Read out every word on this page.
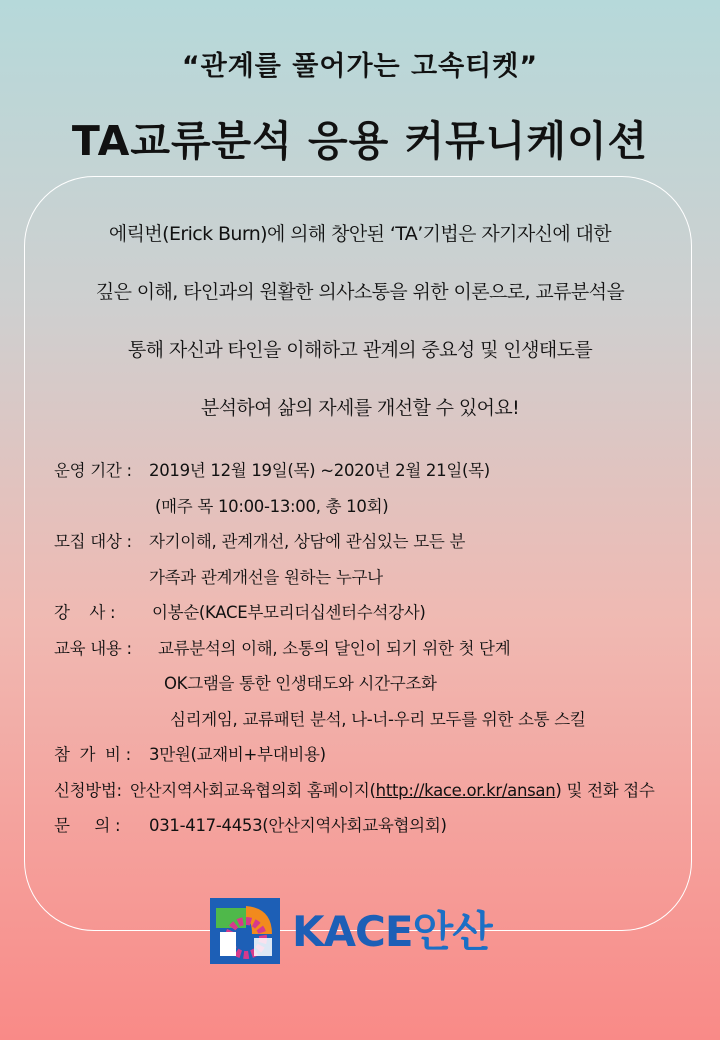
“관계를 풀어가는 고속티켓”
TA교류분석 응용 커뮤니케이션

에릭번(Erick Burn)에 의해 창안된 ‘TA’기법은 자기자신에 대한

깊은 이해, 타인과의 원활한 의사소통을 위한 이론으로, 교류분석을

통해 자신과 타인을 이해하고 관계의 중요성 및 인생태도를

분석하여 삶의 자세를 개선할 수 있어요!

운영 기간 : 2019년 12월 19일(목) ~2020년 2월 21일(목)
(매주 목 10:00-13:00, 총 10회)
모집 대상 : 자기이해, 관계개선, 상담에 관심있는 모든 분
가족과 관계개선을 원하는 누구나
강    사 : 이봉순(KACE부모리더십센터수석강사)
교육 내용 : 교류분석의 이해, 소통의 달인이 되기 위한 첫 단계
OK그램을 통한 인생태도와 시간구조화
심리게임, 교류패턴 분석, 나-너-우리 모두를 위한 소통 스킬
참  가  비 : 3만원(교재비+부대비용)
신청방법: 안산지역사회교육협의회 홈페이지(http://kace.or.kr/ansan) 및 전화 접수
문     의 : 031-417-4453(안산지역사회교육협의회)
KACE안산
